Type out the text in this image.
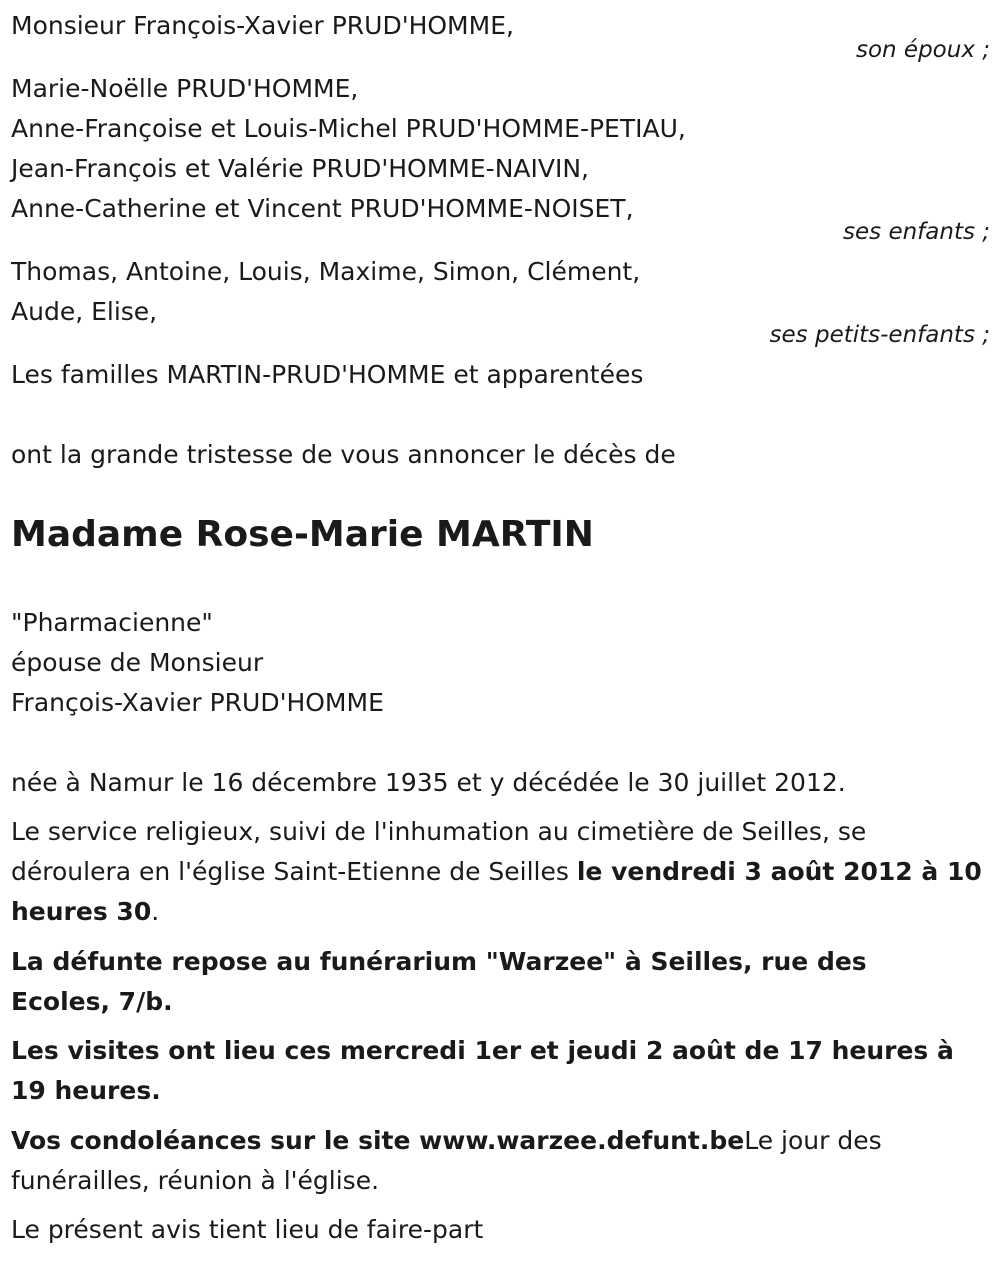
Monsieur François-Xavier PRUD'HOMME,
son époux ;
Marie-Noëlle PRUD'HOMME,
Anne-Françoise et Louis-Michel PRUD'HOMME-PETIAU,
Jean-François et Valérie PRUD'HOMME-NAIVIN,
Anne-Catherine et Vincent PRUD'HOMME-NOISET,
ses enfants ;
Thomas, Antoine, Louis, Maxime, Simon, Clément,
Aude, Elise,
ses petits-enfants ;
Les familles MARTIN-PRUD'HOMME et apparentées
ont la grande tristesse de vous annoncer le décès de
Madame Rose-Marie MARTIN
"Pharmacienne"
épouse de Monsieur
François-Xavier PRUD'HOMME
née à Namur le 16 décembre 1935 et y décédée le 30 juillet 2012.
Le service religieux, suivi de l'inhumation au cimetière de Seilles, se déroulera en l'église Saint-Etienne de Seilles le vendredi 3 août 2012 à 10 heures 30.
La défunte repose au funérarium "Warzee" à Seilles, rue des Ecoles, 7/b.
Les visites ont lieu ces mercredi 1er et jeudi 2 août de 17 heures à 19 heures.
Vos condoléances sur le site www.warzee.defunt.beLe jour des funérailles, réunion à l'église.
Le présent avis tient lieu de faire-part
